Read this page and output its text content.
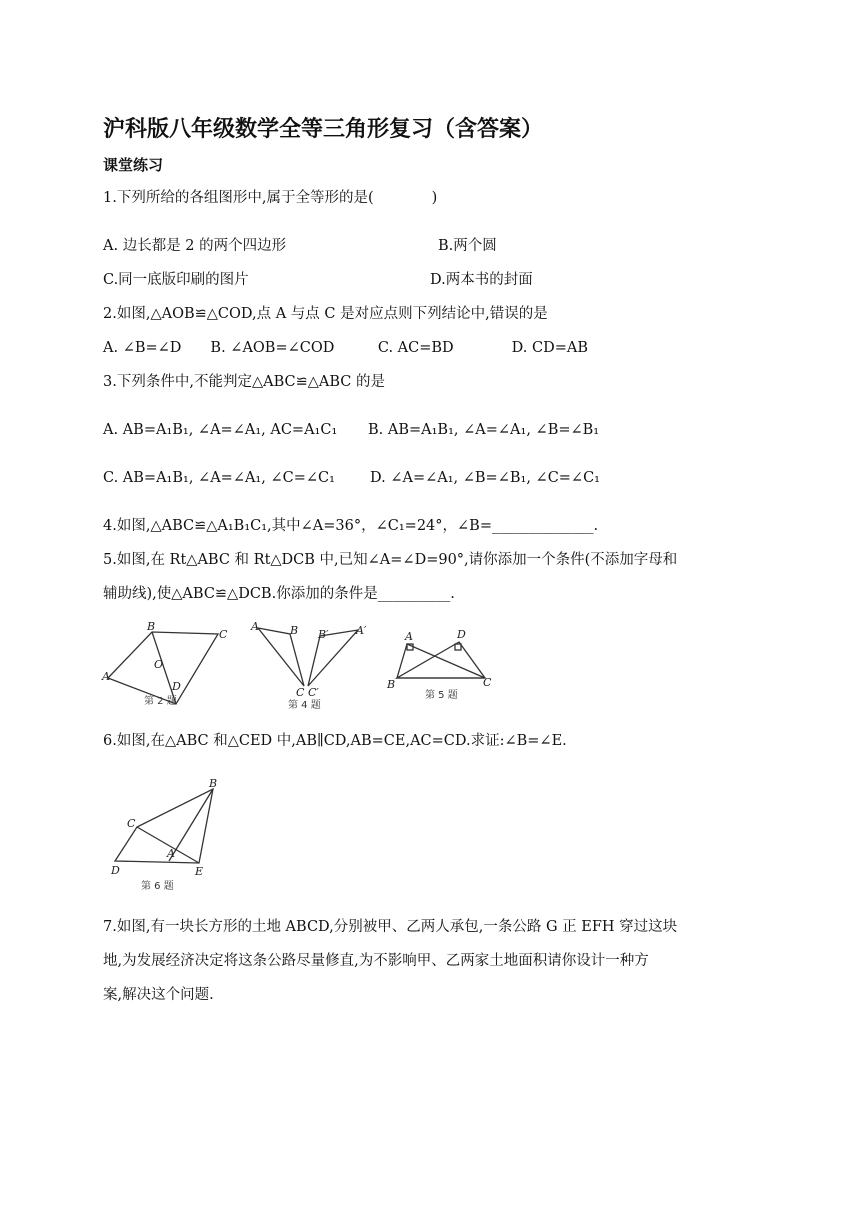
沪科版八年级数学全等三角形复习（含答案）
课堂练习
1.下列所给的各组图形中,属于全等形的是(　　　　)
A. 边长都是 2 的两个四边形	B.两个圆
C.同一底版印刷的图片	D.两本书的封面
2.如图,△AOB≌△COD,点 A 与点 C 是对应点则下列结论中,错误的是
A. ∠B=∠D　　B. ∠AOB=∠COD　　　C. AC=BD　　　　D. CD=AB
3.下列条件中,不能判定△ABC≌△ABC 的是
A. AB=A₁B₁, ∠A=∠A₁, AC=A₁C₁ B. AB=A₁B₁, ∠A=∠A₁, ∠B=∠B₁
C. AB=A₁B₁, ∠A=∠A₁, ∠C=∠C₁ D. ∠A=∠A₁, ∠B=∠B₁, ∠C=∠C₁
4.如图,△ABC≌△A₁B₁C₁,其中∠A=36°，∠C₁=24°，∠B=______________.
5.如图,在 Rt△ABC 和 Rt△DCB 中,已知∠A=∠D=90°,请你添加一个条件(不添加字母和
辅助线),使△ABC≌△DCB.你添加的条件是__________.
B
C
A
O
D
第 2 题
A	B B′ A′
C C′
第 4 题
A	D
B	C
第 5 题
6.如图,在△ABC 和△CED 中,AB∥CD,AB=CE,AC=CD.求证:∠B=∠E.
B
C
A
D	E
第 6 题
7.如图,有一块长方形的土地 ABCD,分别被甲、乙两人承包,一条公路 G 正 EFH 穿过这块
地,为发展经济决定将这条公路尽量修直,为不影响甲、乙两家土地面积请你设计一种方
案,解决这个问题.
